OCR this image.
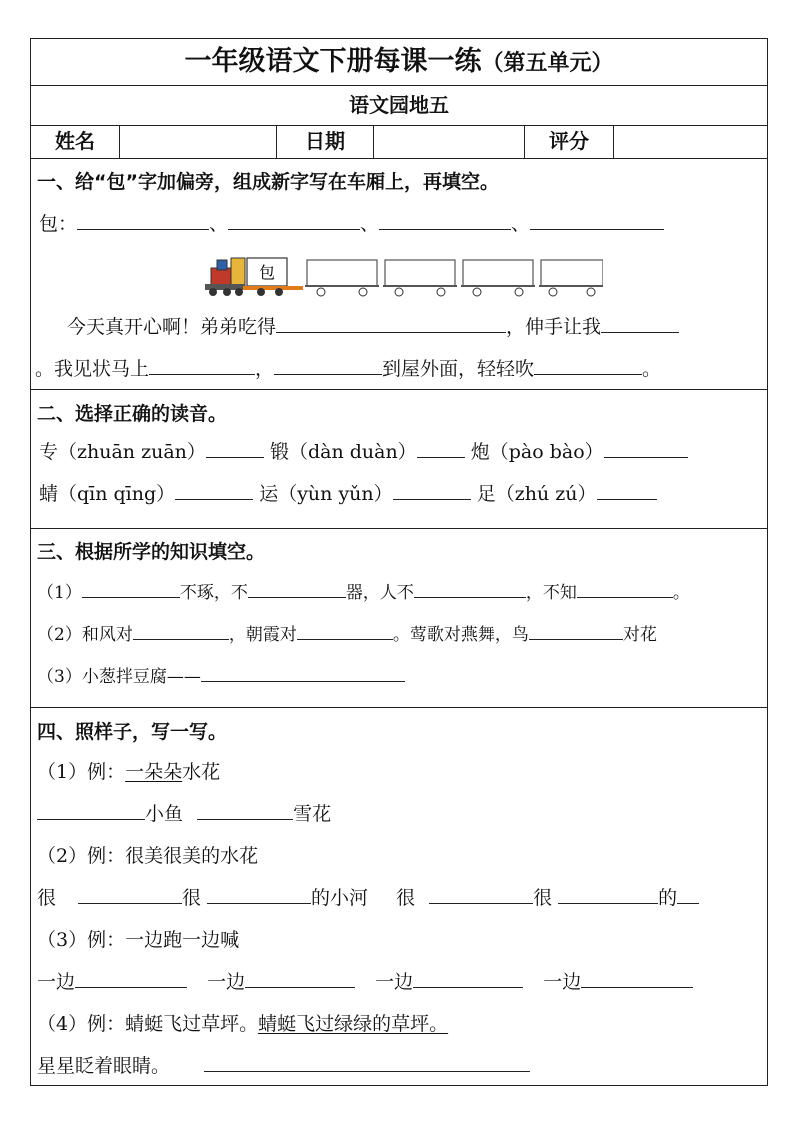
一年级语文下册每课一练（第五单元）
语文园地五
姓名	日期	评分
一、给“包”字加偏旁，组成新字写在车厢上，再填空。
包：	、	、	、
包
今天真开心啊！弟弟吃得	，伸手让我
。我见状马上	，	到屋外面，轻轻吹	。
二、选择正确的读音。
专（zhuān zuān）	锻（dàn duàn）	炮（pào bào）
蜻（qīn qīng）	运（yùn yǔn）	足（zhú zú）
三、根据所学的知识填空。
（1）	不琢，不	器，人不	，不知	。
（2）和风对	，朝霞对	。莺歌对燕舞，鸟	对花
（3）小葱拌豆腐——
四、照样子，写一写。
（1）例：一朵朵水花
小鱼	雪花
（2）例：很美很美的水花
很	很	的小河 很	很	的
（3）例：一边跑一边喊
一边	一边	一边	一边
（4）例：蜻蜓飞过草坪。蜻蜓飞过绿绿的草坪。
星星眨着眼睛。
